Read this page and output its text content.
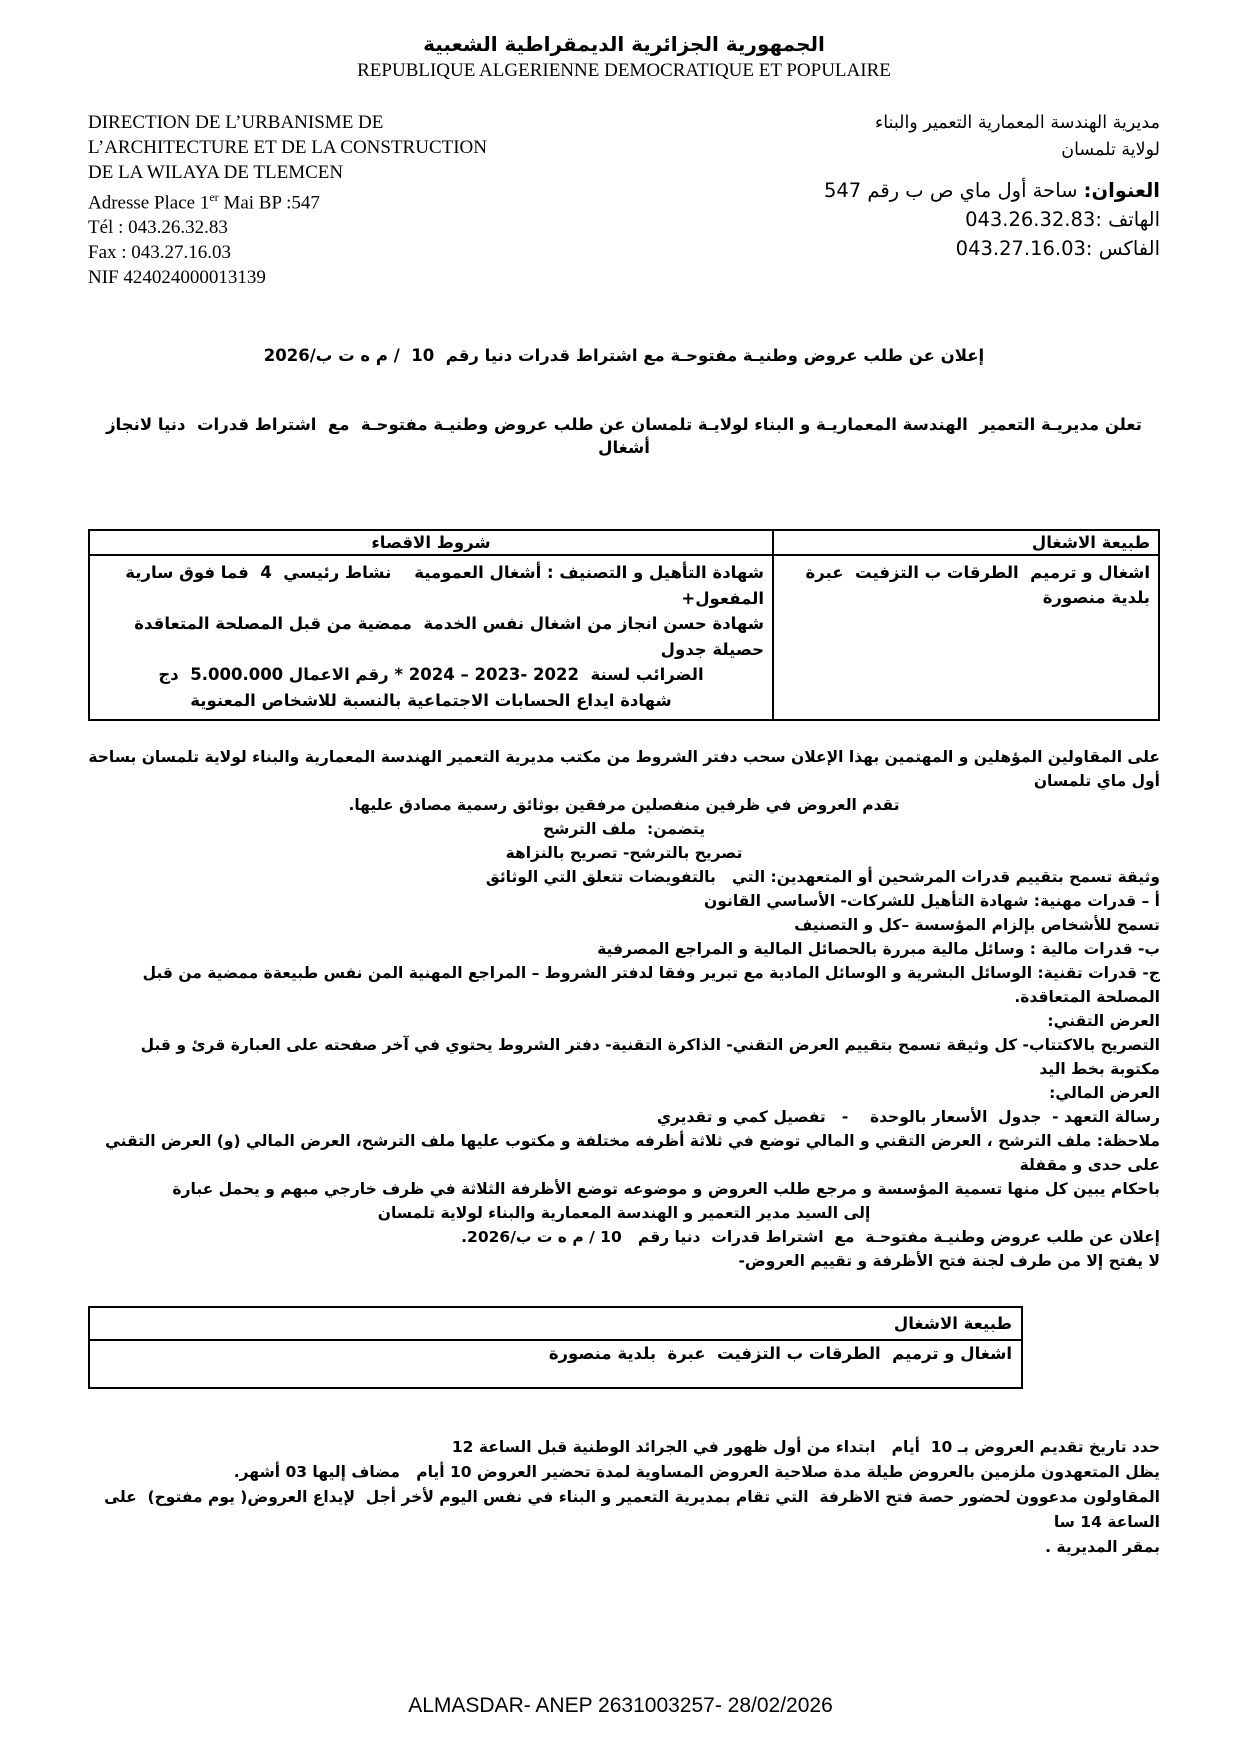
الجمهورية الجزائرية الديمقراطية الشعبية
REPUBLIQUE ALGERIENNE DEMOCRATIQUE ET POPULAIRE
DIRECTION DE L’URBANISME DE
L’ARCHITECTURE ET DE LA CONSTRUCTION
DE LA WILAYA DE TLEMCEN
Adresse Place 1er Mai BP :547
Tél : 043.26.32.83
Fax : 043.27.16.03
NIF 424024000013139
مديرية الهندسة المعمارية التعمير والبناء
لولاية تلمسان
العنوان: ساحة أول ماي ص ب رقم 547
الهاتف :043.26.32.83
الفاكس :043.27.16.03

إعلان عن طلب عروض وطنيـة مفتوحـة مع اشتراط قدرات دنيا رقم  10  / م ه ت ب/2026

تعلن مديريـة التعمير  الهندسة المعماريـة و البناء لولايـة تلمسان عن طلب عروض وطنيـة مفتوحـة  مع  اشتراط قدرات  دنيا لانجاز أشغال

طبيعة الاشغال	شروط الاقصاء
اشغال و ترميم  الطرقات ب التزفيت  عبرة  بلدية منصورة	شهادة التأهيل و التصنيف : أشغال العمومية    نشاط رئيسي  4  فما فوق سارية المفعول+
شهادة حسن انجاز من اشغال نفس الخدمة  ممضية من قبل المصلحة المتعاقدة  حصيلة جدول
الضرائب لسنة  2022 -2023 – 2024 * رقم الاعمال 5.000.000  دج
شهادة ايداع الحسابات الاجتماعية بالنسبة للاشخاص المعنوية
على المقاولين المؤهلين و المهتمين بهذا الإعلان سحب دفتر الشروط من مكتب مديرية التعمير الهندسة المعمارية والبناء لولاية تلمسان بساحة أول ماي تلمسان
تقدم العروض في ظرفين منفصلين مرفقين بوثائق رسمية مصادق عليها.
يتضمن:  ملف الترشح
تصريح بالترشح- تصريح بالنزاهة
وثيقة تسمح بتقييم قدرات المرشحين أو المتعهدين: التي   بالتفويضات تتعلق التي الوثائق
أ – قدرات مهنية: شهادة التأهيل للشركات- الأساسي القانون
تسمح للأشخاص بإلزام المؤسسة –كل و التصنيف
ب- قدرات مالية : وسائل مالية مبررة بالحصائل المالية و المراجع المصرفية
ج- قدرات تقنية: الوسائل البشرية و الوسائل المادية مع تبرير وفقا لدفتر الشروط – المراجع المهنية المن نفس طبيعةة ممضية من قبل المصلحة المتعاقدة.
العرض التقني:
التصريح بالاكتتاب- كل وثيقة تسمح بتقييم العرض التقني- الذاكرة التقنية- دفتر الشروط يحتوي في آخر صفحته على العبارة قرئ و قبل مكتوبة بخط اليد
العرض المالي:
رسالة التعهد -  جدول  الأسعار بالوحدة    -   تفصيل كمي و تقديري
ملاحظة: ملف الترشح ، العرض التقني و المالي توضع في ثلاثة أظرفه مختلفة و مكتوب عليها ملف الترشح، العرض المالي (و) العرض التقني على حدى و مقفلة
باحكام يبين كل منها تسمية المؤسسة و مرجع طلب العروض و موضوعه توضع الأظرفة الثلاثة في ظرف خارجي مبهم و يحمل عبارة
إلى السيد مدير التعمير و الهندسة المعمارية والبناء لولاية تلمسان
إعلان عن طلب عروض وطنيـة مفتوحـة  مع  اشتراط قدرات  دنيا رقم   10 / م ه ت ب/2026.
لا يفتح إلا من طرف لجنة فتح الأظرفة و تقييم العروض-
طبيعة الاشغال
اشغال و ترميم  الطرقات ب التزفيت  عبرة  بلدية منصورة
حدد تاريخ تقديم العروض بـ 10  أيام   ابتداء من أول ظهور في الجرائد الوطنية قبل الساعة 12
يظل المتعهدون ملزمين بالعروض طيلة مدة صلاحية العروض المساوية لمدة تحضير العروض 10 أيام   مضاف إليها 03 أشهر.
المقاولون مدعوون لحضور حصة فتح الاظرفة  التي تقام بمديرية التعمير و البناء في نفس اليوم لأخر أجل  لإيداع العروض( يوم مفتوح)  على  الساعة 14 سا
بمقر المديرية .
ALMASDAR- ANEP 2631003257- 28/02/2026
